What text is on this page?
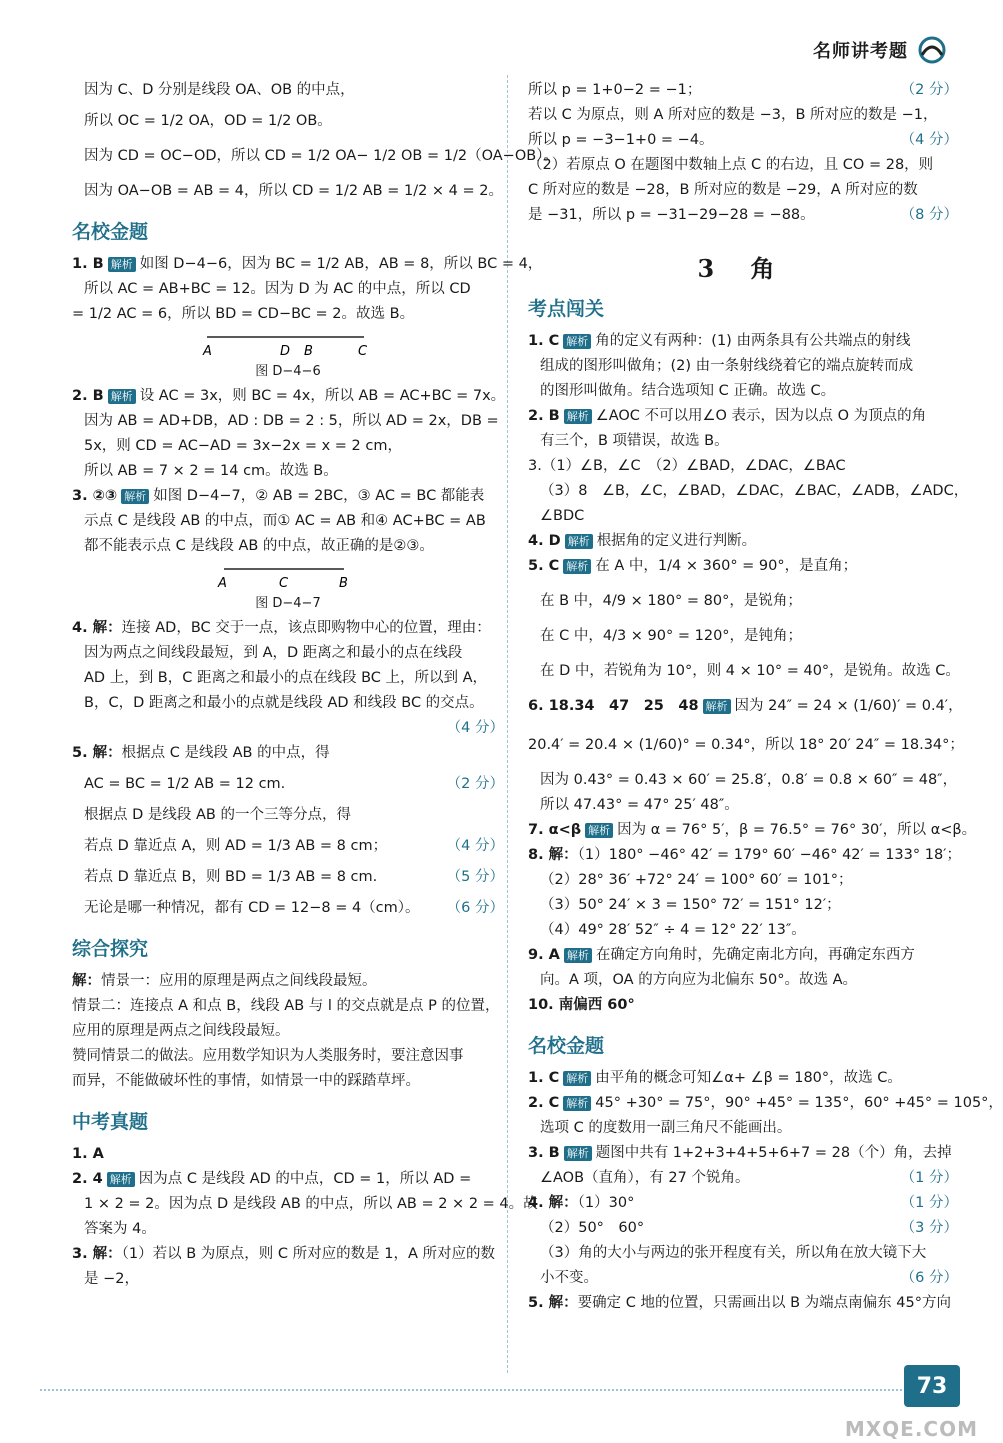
名师讲考题
因为 C、D 分别是线段 OA、OB 的中点，
所以 OC = 1/2 OA，OD = 1/2 OB。
因为 CD = OC−OD，所以 CD = 1/2 OA− 1/2 OB = 1/2（OA−OB）。
因为 OA−OB = AB = 4，所以 CD = 1/2 AB = 1/2 × 4 = 2。
名校金题
1. B 解析 如图 D−4−6，因为 BC = 1/2 AB，AB = 8，所以 BC = 4，
所以 AC = AB+BC = 12。因为 D 为 AC 的中点，所以 CD
= 1/2 AC = 6，所以 BD = CD−BC = 2。故选 B。
A	D B	C
图 D−4−6
2. B 解析 设 AC = 3x，则 BC = 4x，所以 AB = AC+BC = 7x。
因为 AB = AD+DB，AD : DB = 2 : 5，所以 AD = 2x，DB =
5x，则 CD = AC−AD = 3x−2x = x = 2 cm，
所以 AB = 7 × 2 = 14 cm。故选 B。
3. ②③ 解析 如图 D−4−7，② AB = 2BC，③ AC = BC 都能表
示点 C 是线段 AB 的中点，而① AC = AB 和④ AC+BC = AB
都不能表示点 C 是线段 AB 的中点，故正确的是②③。
A	C	B
图 D−4−7
4. 解：连接 AD，BC 交于一点，该点即购物中心的位置，理由：
因为两点之间线段最短，到 A，D 距离之和最小的点在线段
AD 上，到 B，C 距离之和最小的点在线段 BC 上，所以到 A，
B，C，D 距离之和最小的点就是线段 AD 和线段 BC 的交点。
（4 分）

5. 解：根据点 C 是线段 AB 的中点，得
AC = BC = 1/2 AB = 12 cm.	（2 分）
根据点 D 是线段 AB 的一个三等分点，得
若点 D 靠近点 A，则 AD = 1/3 AB = 8 cm；	（4 分）
若点 D 靠近点 B，则 BD = 1/3 AB = 8 cm.	（5 分）
无论是哪一种情况，都有 CD = 12−8 = 4（cm）。 （6 分）
综合探究
解：情景一：应用的原理是两点之间线段最短。
情景二：连接点 A 和点 B，线段 AB 与 l 的交点就是点 P 的位置，
应用的原理是两点之间线段最短。
赞同情景二的做法。应用数学知识为人类服务时，要注意因事
而异，不能做破坏性的事情，如情景一中的踩踏草坪。
中考真题
1. A
2. 4 解析 因为点 C 是线段 AD 的中点，CD = 1，所以 AD =
1 × 2 = 2。因为点 D 是线段 AB 的中点，所以 AB = 2 × 2 = 4。故
答案为 4。
3. 解：（1）若以 B 为原点，则 C 所对应的数是 1，A 所对应的数
是 −2，
所以 p = 1+0−2 = −1；	（2 分）
若以 C 为原点，则 A 所对应的数是 −3，B 所对应的数是 −1，
所以 p = −3−1+0 = −4。	（4 分）
（2）若原点 O 在题图中数轴上点 C 的右边，且 CO = 28，则
C 所对应的数是 −28，B 所对应的数是 −29，A 所对应的数
是 −31，所以 p = −31−29−28 = −88。	（8 分）
3 角
考点闯关
1. C 解析 角的定义有两种：(1) 由两条具有公共端点的射线
组成的图形叫做角；(2) 由一条射线绕着它的端点旋转而成
的图形叫做角。结合选项知 C 正确。故选 C。
2. B 解析 ∠AOC 不可以用∠O 表示，因为以点 O 为顶点的角
有三个，B 项错误，故选 B。
3.（1）∠B，∠C　（2）∠BAD，∠DAC，∠BAC
（3）8　∠B，∠C，∠BAD，∠DAC，∠BAC，∠ADB，∠ADC，
∠BDC
4. D 解析 根据角的定义进行判断。
5. C 解析 在 A 中，1/4 × 360° = 90°，是直角；
在 B 中，4/9 × 180° = 80°，是锐角；
在 C 中，4/3 × 90° = 120°，是钝角；
在 D 中，若锐角为 10°，则 4 × 10° = 40°，是锐角。故选 C。
6. 18.34　47　25　48 解析 因为 24″ = 24 × (1/60)′ = 0.4′，
20.4′ = 20.4 × (1/60)° = 0.34°，所以 18° 20′ 24″ = 18.34°；
因为 0.43° = 0.43 × 60′ = 25.8′，0.8′ = 0.8 × 60″ = 48″，
所以 47.43° = 47° 25′ 48″。
7. α<β 解析 因为 α = 76° 5′，β = 76.5° = 76° 30′，所以 α<β。
8. 解：（1）180° −46° 42′ = 179° 60′ −46° 42′ = 133° 18′；
（2）28° 36′ +72° 24′ = 100° 60′ = 101°；
（3）50° 24′ × 3 = 150° 72′ = 151° 12′；
（4）49° 28′ 52″ ÷ 4 = 12° 22′ 13″。
9. A 解析 在确定方向角时，先确定南北方向，再确定东西方
向。A 项，OA 的方向应为北偏东 50°。故选 A。
10. 南偏西 60°
名校金题
1. C 解析 由平角的概念可知∠α+ ∠β = 180°，故选 C。
2. C 解析 45° +30° = 75°，90° +45° = 135°，60° +45° = 105°，
选项 C 的度数用一副三角尺不能画出。
3. B 解析 题图中共有 1+2+3+4+5+6+7 = 28（个）角，去掉
∠AOB（直角），有 27 个锐角。	（1 分）
4. 解：（1）30°	（1 分）
（2）50°　60°	（3 分）
（3）角的大小与两边的张开程度有关，所以角在放大镜下大
小不变。	（6 分）
5. 解：要确定 C 地的位置，只需画出以 B 为端点南偏东 45°方向
73
MXQE.COM
